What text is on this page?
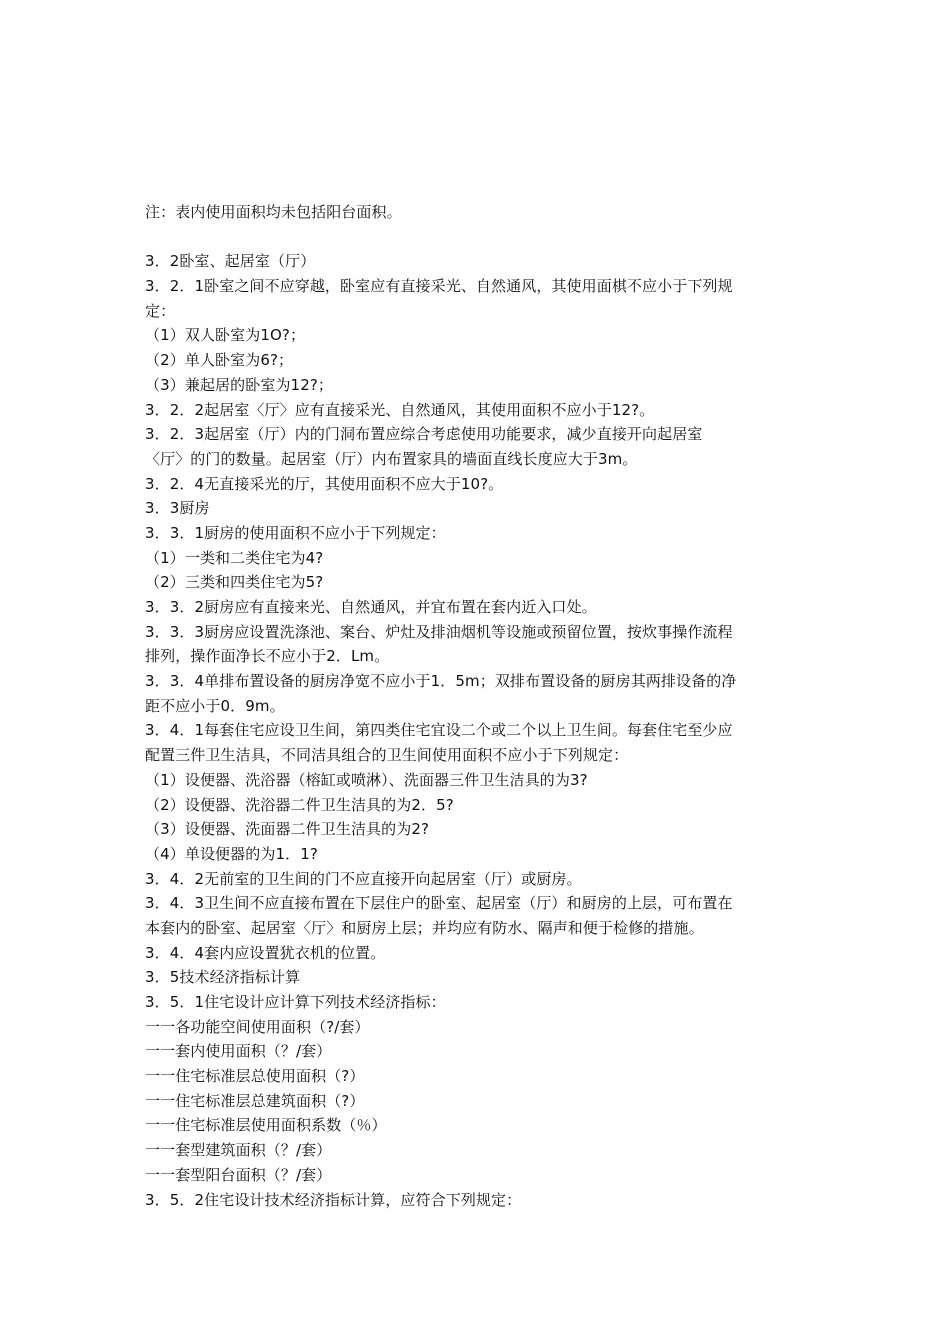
注：表内使用面积均未包括阳台面积。
3．2卧室、起居室（厅）
3．2．1卧室之间不应穿越，卧室应有直接采光、自然通风，其使用面棋不应小于下列规
定：
（1）双人卧室为1O?；
（2）单人卧室为6?；
（3）兼起居的卧室为12?；
3．2．2起居室〈厅〉应有直接采光、自然通风，其使用面积不应小于12?。
3．2．3起居室（厅）内的门洞布置应综合考虑使用功能要求，减少直接开向起居室
〈厅〉的门的数量。起居室（厅）内布置家具的墙面直线长度应大于3m。
3．2．4无直接采光的厅，其使用面积不应大于10?。
3．3厨房
3．3．1厨房的使用面积不应小于下列规定：
（1）一类和二类住宅为4?
（2）三类和四类住宅为5?
3．3．2厨房应有直接来光、自然通风，并宜布置在套内近入口处。
3．3．3厨房应设置洗涤池、案台、炉灶及排油烟机等设施或预留位置，按炊事操作流程
排列，操作面净长不应小于2．Lm。
3．3．4单排布置设备的厨房净宽不应小于1．5m；双排布置设备的厨房其两排设备的净
距不应小于0．9m。
3．4．1每套住宅应设卫生间，第四类住宅宜设二个或二个以上卫生间。每套住宅至少应
配置三件卫生洁具，不同洁具组合的卫生间使用面积不应小于下列规定：
（1）设便器、洗浴器（榕缸或喷淋）、洗面器三件卫生洁具的为3?
（2）设便器、洗浴器二件卫生洁具的为2．5?
（3）设便器、洗面器二件卫生洁具的为2?
（4）单设便器的为1．1?
3．4．2无前室的卫生间的门不应直接开向起居室（厅）或厨房。
3．4．3卫生间不应直接布置在下层住户的卧室、起居室（厅）和厨房的上层，可布置在
本套内的卧室、起居室〈厅〉和厨房上层；并均应有防水、隔声和便于检修的措施。
3．4．4套内应设置犹衣机的位置。
3．5技术经济指标计算
3．5．1住宅设计应计算下列技术经济指标：
一一各功能空间使用面积（?/套）
一一套内使用面积（？/套）
一一住宅标准层总使用面积（?）
一一住宅标准层总建筑面积（?）
一一住宅标准层使用面积系数（％）
一一套型建筑面积（？/套）
一一套型阳台面积（？/套）
3．5．2住宅设计技术经济指标计算，应符合下列规定：
